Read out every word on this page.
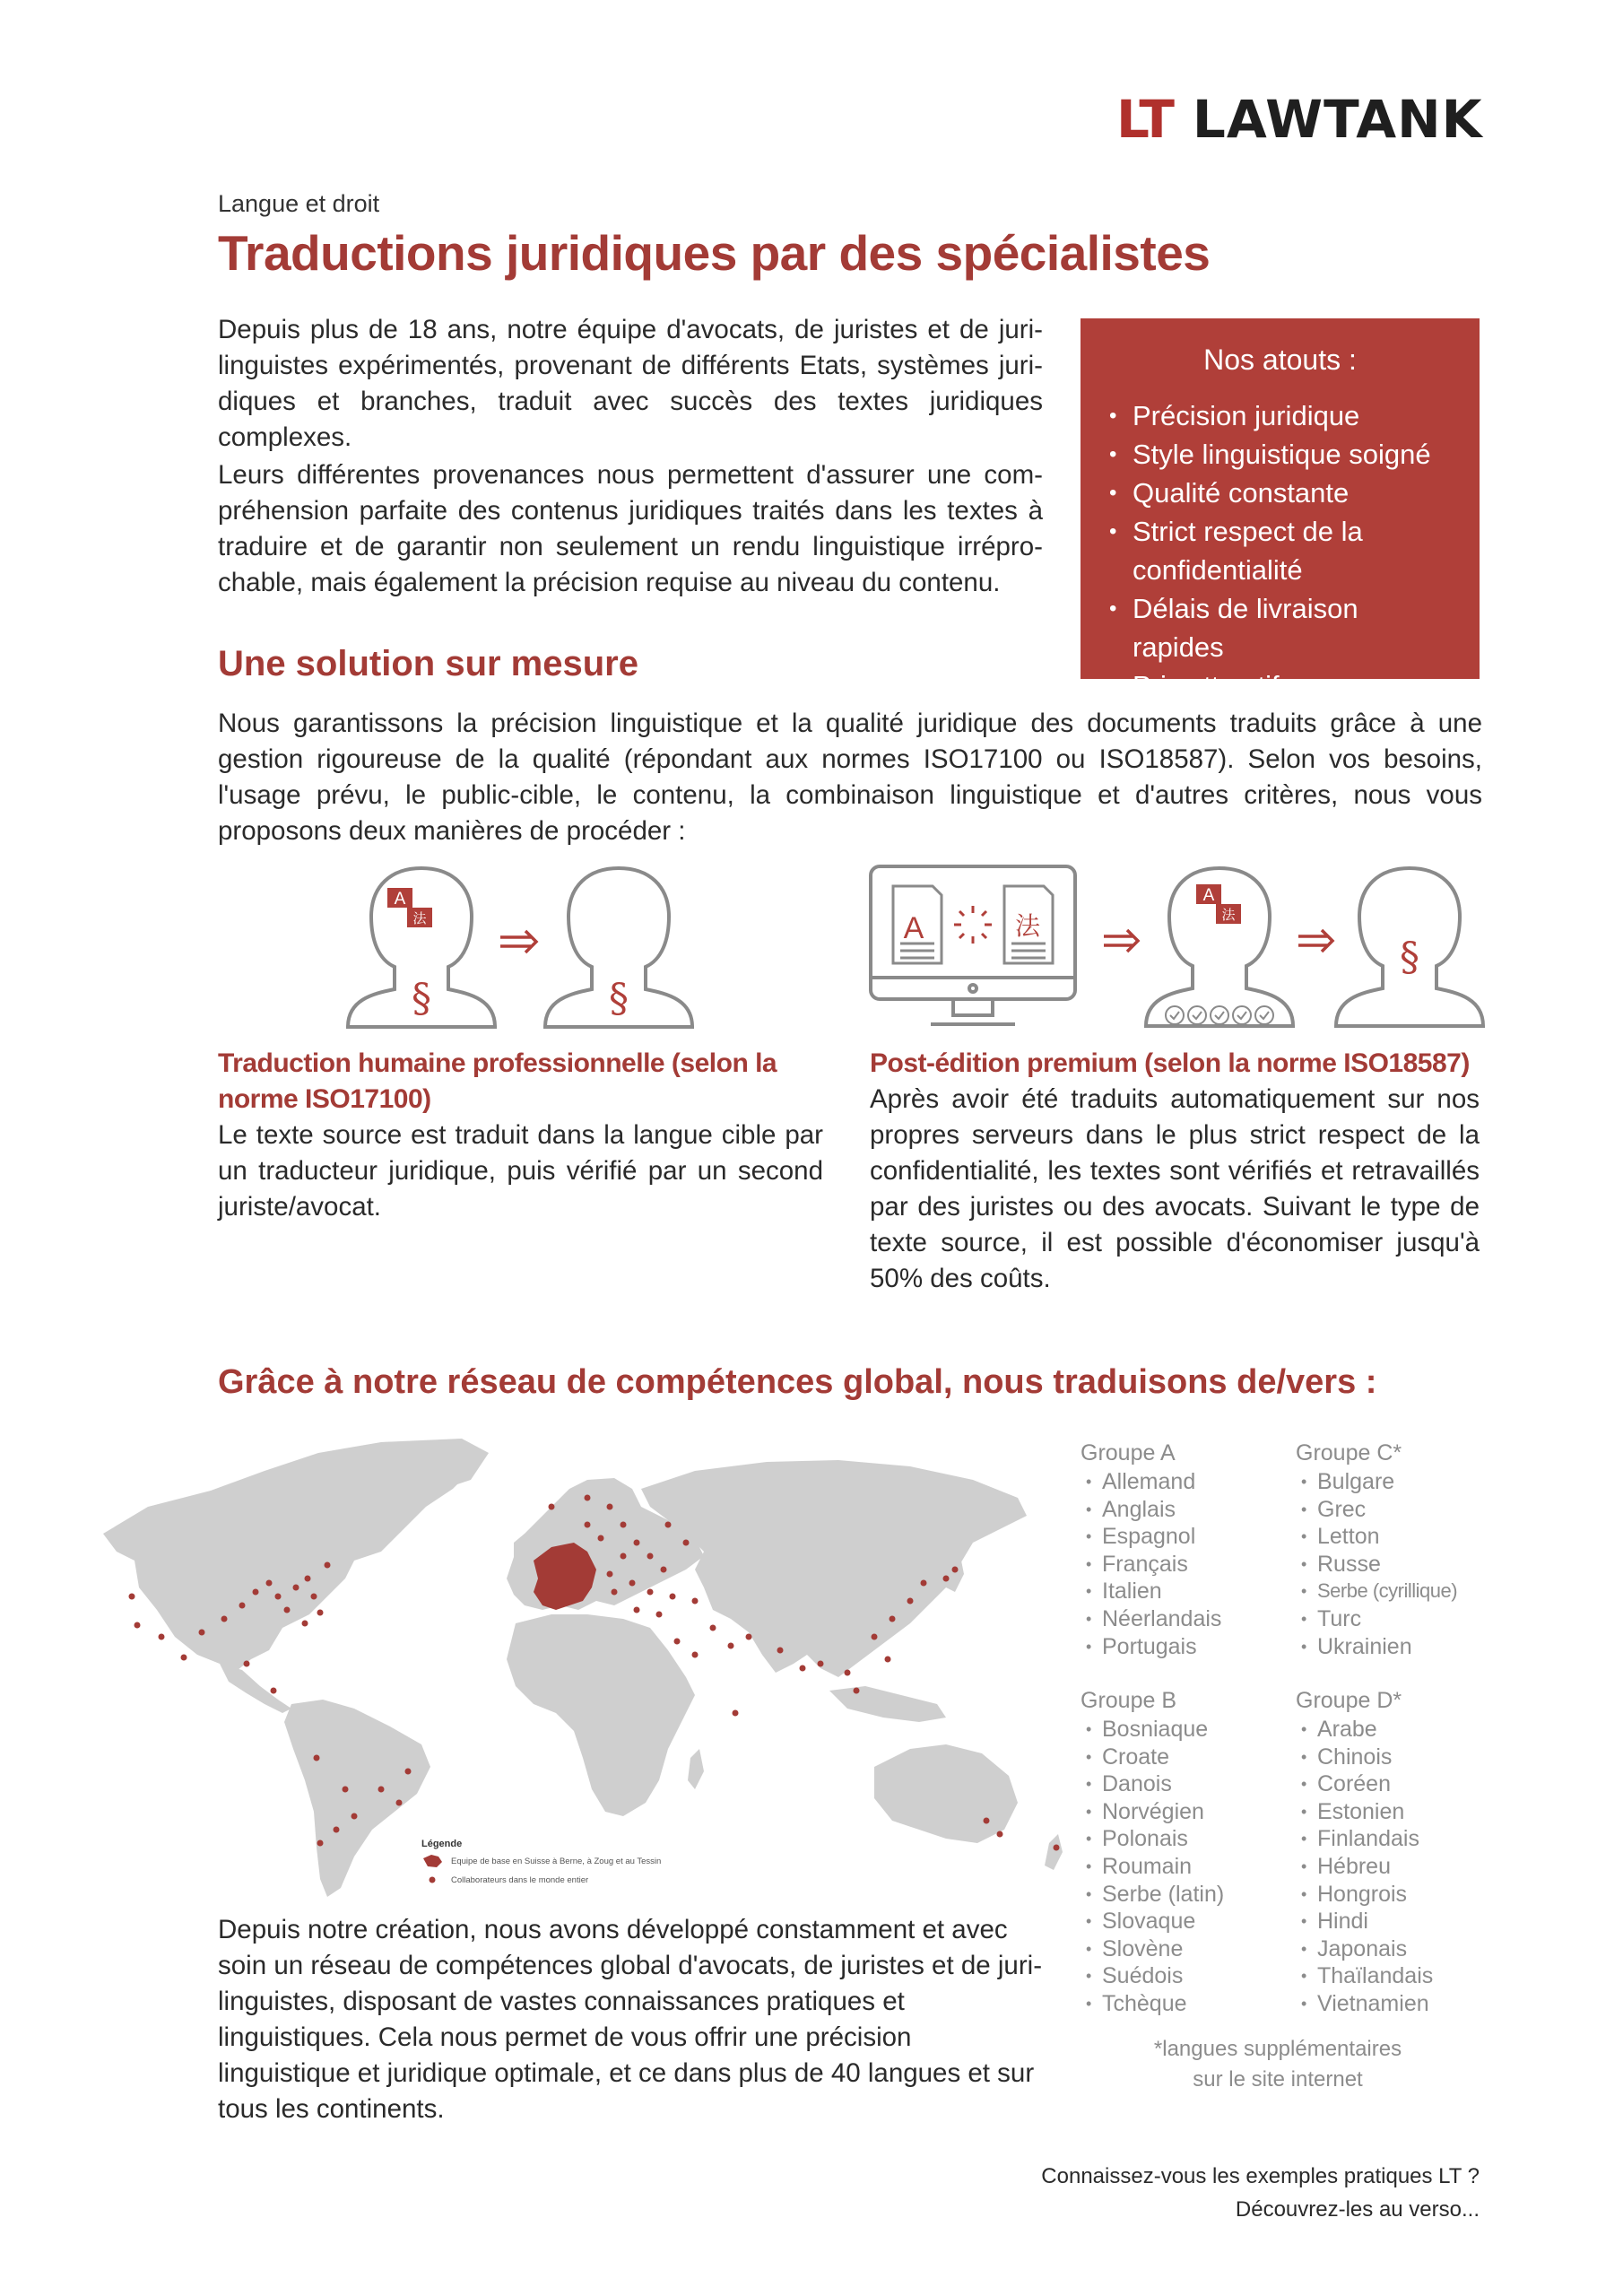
LT LAWTANK
Langue et droit
Traductions juridiques par des spécialistes
Depuis plus de 18 ans, notre équipe d'avocats, de juristes et de jurilinguistes expérimentés, provenant de différents Etats, systèmes juridiques et branches, traduit avec succès des textes juridiques complexes.
Leurs différentes provenances nous permettent d'assurer une compréhension parfaite des contenus juridiques traités dans les textes à traduire et de garantir non seulement un rendu linguistique irréprochable, mais également la précision requise au niveau du contenu.
Nos atouts :
• Précision juridique
• Style linguistique soigné
• Qualité constante
• Strict respect de la confidentialité
• Délais de livraison rapides
• Prix attractifs
Une solution sur mesure
Nous garantissons la précision linguistique et la qualité juridique des documents traduits grâce à une gestion rigoureuse de la qualité (répondant aux normes ISO17100 ou ISO18587). Selon vos besoins, l'usage prévu, le public-cible, le contenu, la combinaison linguistique et d'autres critères, nous vous proposons deux manières de procéder :
A
法
§	§
A	法
A
法
§
Traduction humaine professionnelle (selon la norme ISO17100)
Le texte source est traduit dans la langue cible par un traducteur juridique, puis vérifié par un second juriste/avocat.
Post-édition premium (selon la norme ISO18587)
Après avoir été traduits automatiquement sur nos propres serveurs dans le plus strict respect de la confidentialité, les textes sont vérifiés et retravaillés par des juristes ou des avocats. Suivant le type de texte source, il est possible d'économiser jusqu'à 50% des coûts.
Grâce à notre réseau de compétences global, nous traduisons de/vers :
Légende
Equipe de base en Suisse à Berne, à Zoug et au Tessin
Collaborateurs dans le monde entier
Depuis notre création, nous avons développé constamment et avec soin un réseau de compétences global d'avocats, de juristes et de jurilinguistes, disposant de vastes connaissances pratiques et linguistiques. Cela nous permet de vous offrir une précision linguistique et juridique optimale, et ce dans plus de 40 langues et sur tous les continents.
Groupe A
• Allemand
• Anglais
• Espagnol
• Français
• Italien
• Néerlandais
• Portugais
Groupe C*
• Bulgare
• Grec
• Letton
• Russe
• Serbe (cyrillique)
• Turc
• Ukrainien
Groupe B
• Bosniaque
• Croate
• Danois
• Norvégien
• Polonais
• Roumain
• Serbe (latin)
• Slovaque
• Slovène
• Suédois
• Tchèque
Groupe D*
• Arabe
• Chinois
• Coréen
• Estonien
• Finlandais
• Hébreu
• Hongrois
• Hindi
• Japonais
• Thaïlandais
• Vietnamien
*langues supplémentaires
sur le site internet
Connaissez-vous les exemples pratiques LT ?
Découvrez-les au verso...
